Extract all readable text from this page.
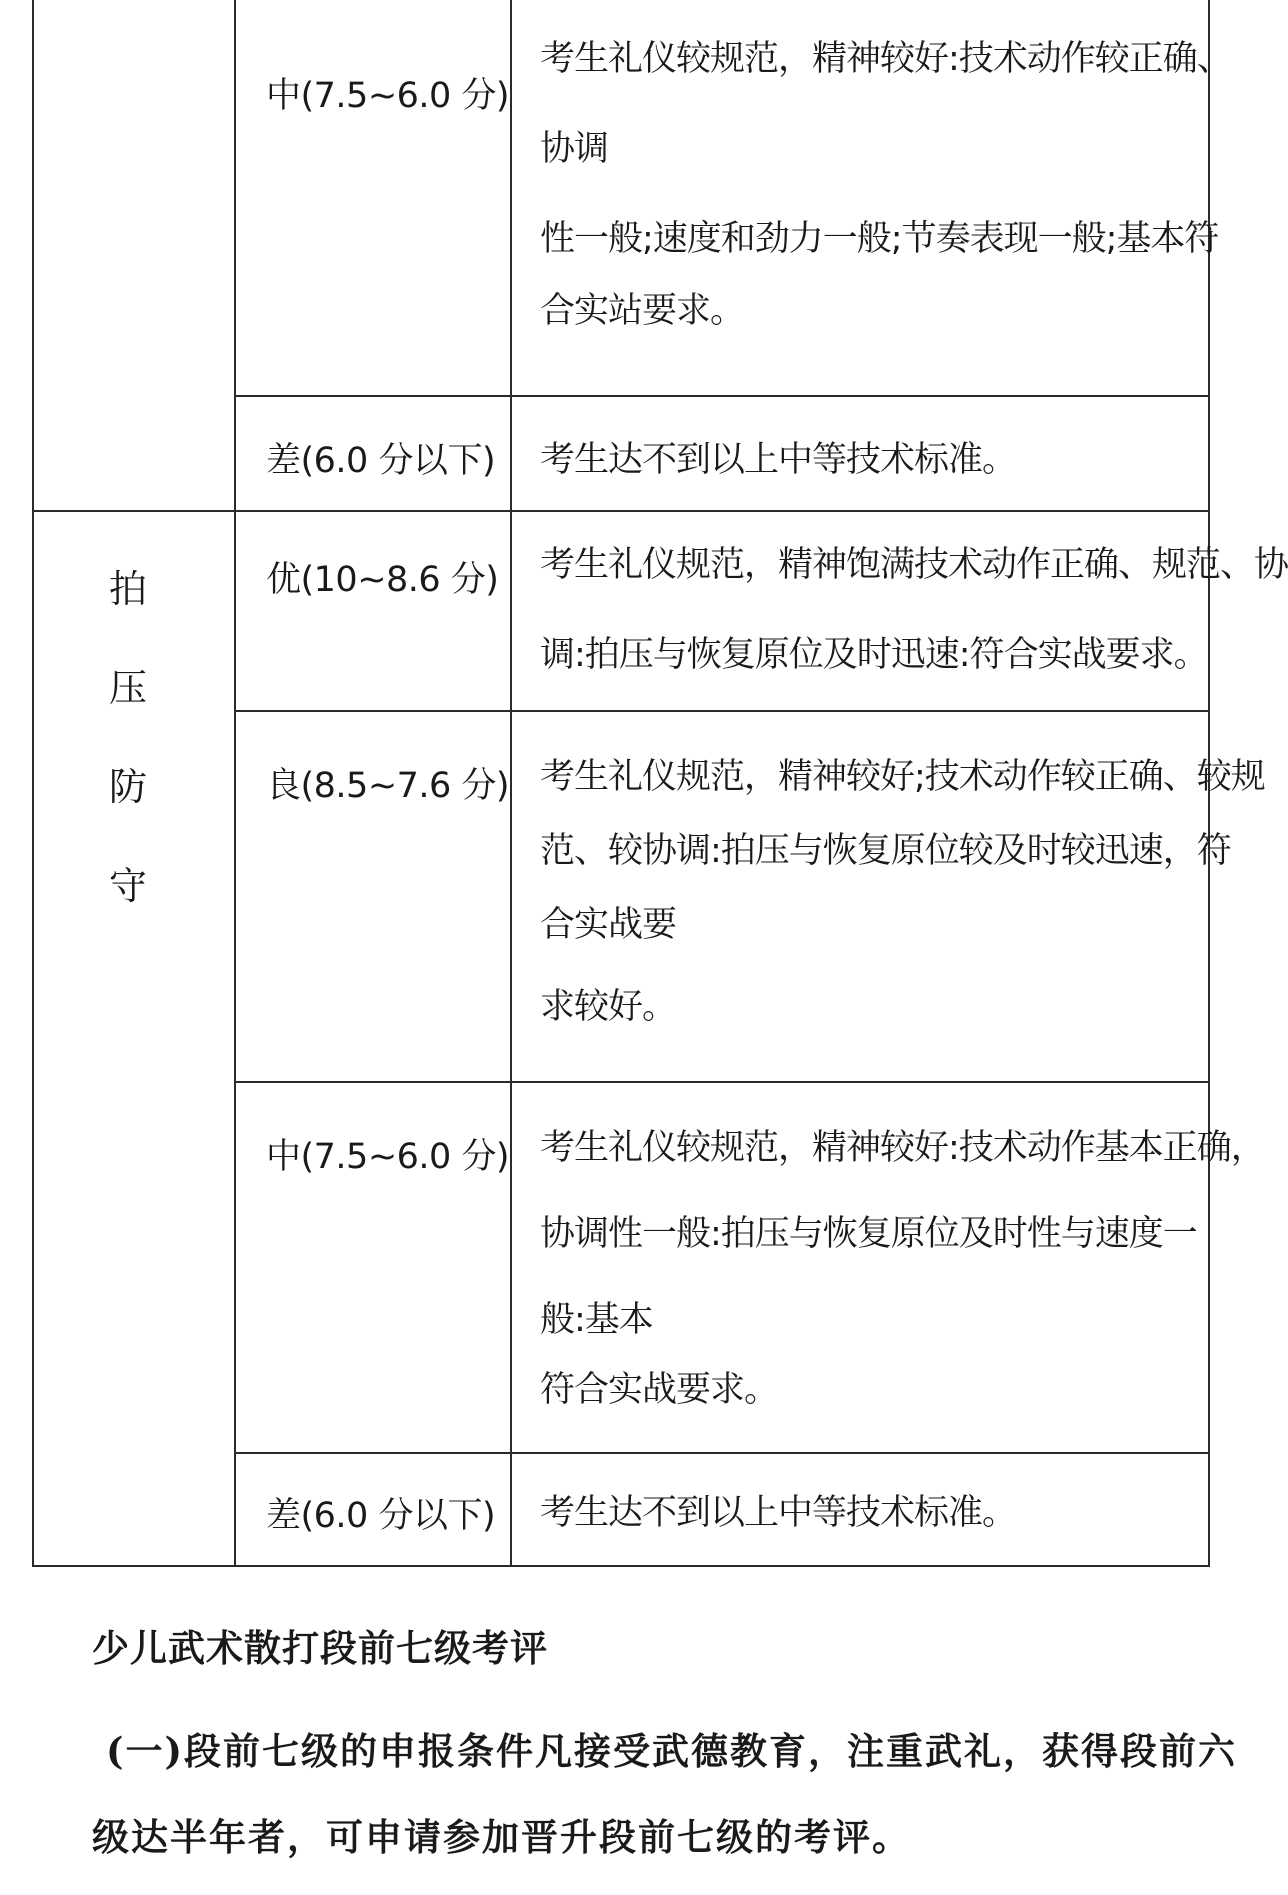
	中(7.5~6.0 分)	考生礼仪较规范，精神较好:技术动作较正确、
协调
性一般;速度和劲力一般;节奏表现一般;基本符
合实站要求。

	差(6.0 分以下)	考生达不到以上中等技术标准。

拍压防守	优(10~8.6 分)	考生礼仪规范，精神饱满技术动作正确、规范、协
调:拍压与恢复原位及时迅速:符合实战要求。

	良(8.5~7.6 分)	考生礼仪规范，精神较好;技术动作较正确、较规
范、较协调:拍压与恢复原位较及时较迅速，符
合实战要
求较好。

	中(7.5~6.0 分)	考生礼仪较规范，精神较好:技术动作基本正确，
协调性一般:拍压与恢复原位及时性与速度一
般:基本
符合实战要求。

	差(6.0 分以下)	考生达不到以上中等技术标准。
少儿武术散打段前七级考评
(一)段前七级的申报条件凡接受武德教育，注重武礼，获得段前六
级达半年者，可申请参加晋升段前七级的考评。
